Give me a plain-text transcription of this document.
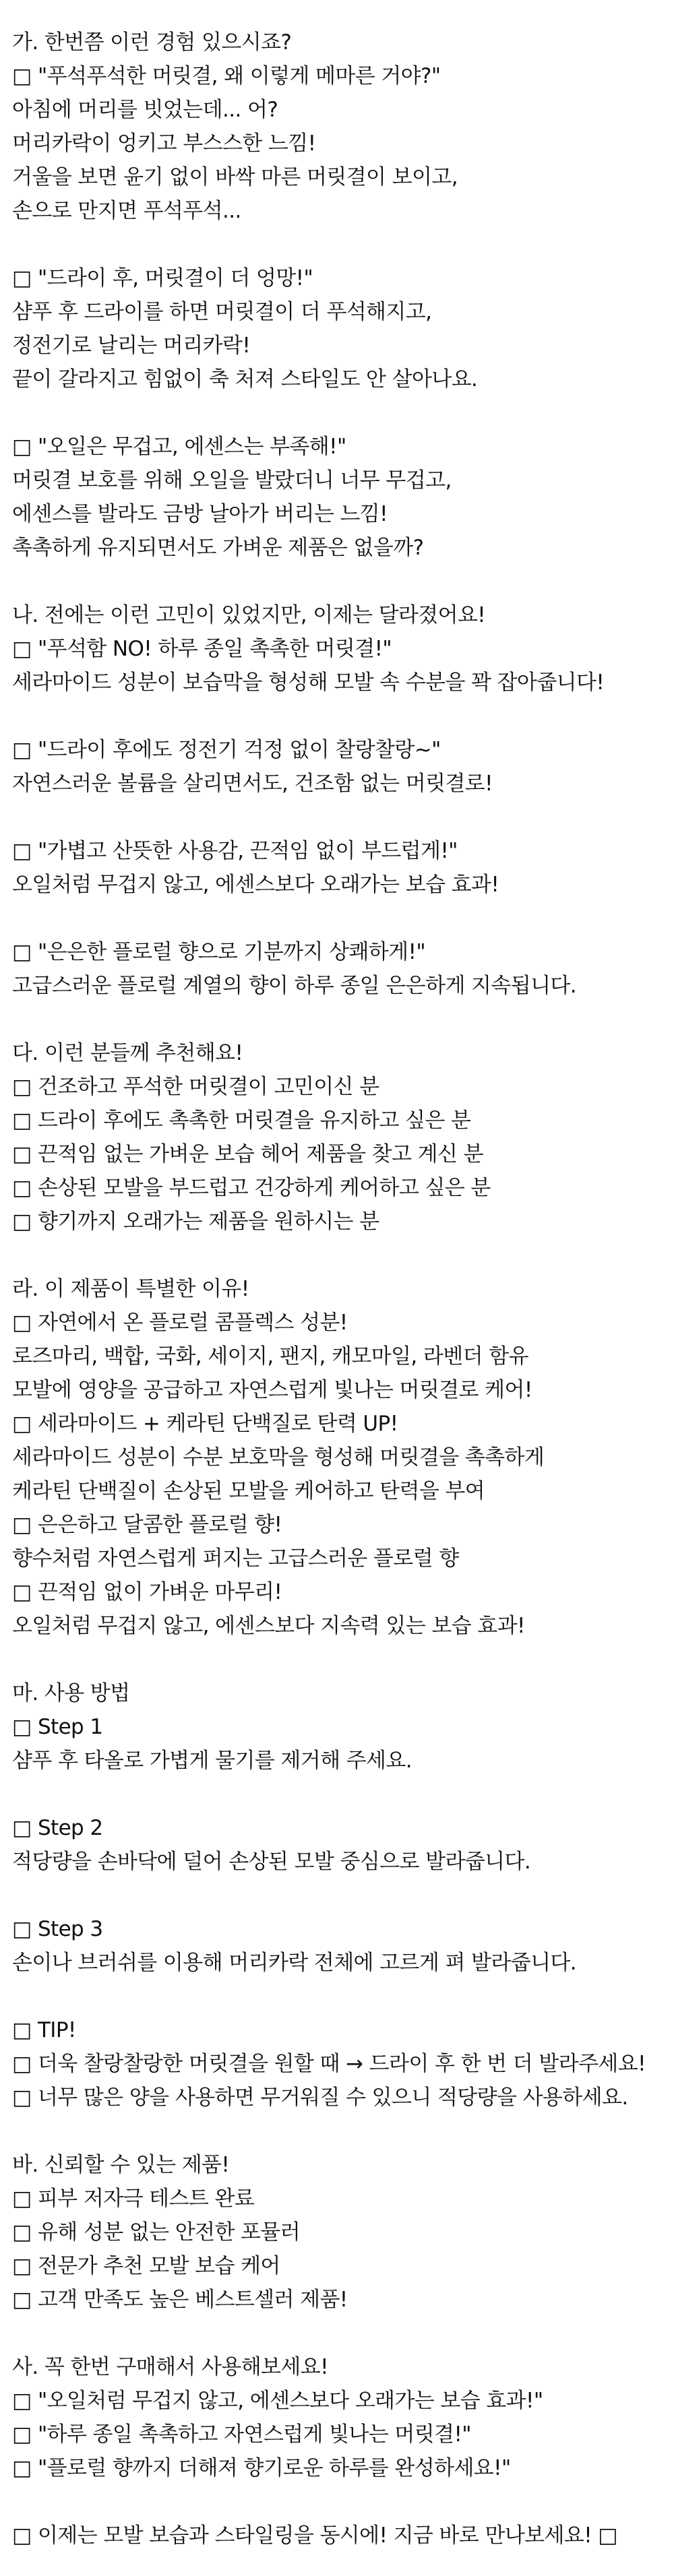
가. 한번쯤 이런 경험 있으시죠?
□ "푸석푸석한 머릿결, 왜 이렇게 메마른 거야?"
아침에 머리를 빗었는데... 어?
머리카락이 엉키고 부스스한 느낌!
거울을 보면 윤기 없이 바싹 마른 머릿결이 보이고,
손으로 만지면 푸석푸석...
□ "드라이 후, 머릿결이 더 엉망!"
샴푸 후 드라이를 하면 머릿결이 더 푸석해지고,
정전기로 날리는 머리카락!
끝이 갈라지고 힘없이 축 처져 스타일도 안 살아나요.
□ "오일은 무겁고, 에센스는 부족해!"
머릿결 보호를 위해 오일을 발랐더니 너무 무겁고,
에센스를 발라도 금방 날아가 버리는 느낌!
촉촉하게 유지되면서도 가벼운 제품은 없을까?
나. 전에는 이런 고민이 있었지만, 이제는 달라졌어요!
□ "푸석함 NO! 하루 종일 촉촉한 머릿결!"
세라마이드 성분이 보습막을 형성해 모발 속 수분을 꽉 잡아줍니다!
□ "드라이 후에도 정전기 걱정 없이 찰랑찰랑~"
자연스러운 볼륨을 살리면서도, 건조함 없는 머릿결로!
□ "가볍고 산뜻한 사용감, 끈적임 없이 부드럽게!"
오일처럼 무겁지 않고, 에센스보다 오래가는 보습 효과!
□ "은은한 플로럴 향으로 기분까지 상쾌하게!"
고급스러운 플로럴 계열의 향이 하루 종일 은은하게 지속됩니다.
다. 이런 분들께 추천해요!
□ 건조하고 푸석한 머릿결이 고민이신 분
□ 드라이 후에도 촉촉한 머릿결을 유지하고 싶은 분
□ 끈적임 없는 가벼운 보습 헤어 제품을 찾고 계신 분
□ 손상된 모발을 부드럽고 건강하게 케어하고 싶은 분
□ 향기까지 오래가는 제품을 원하시는 분
라. 이 제품이 특별한 이유!
□ 자연에서 온 플로럴 콤플렉스 성분!
로즈마리, 백합, 국화, 세이지, 팬지, 캐모마일, 라벤더 함유
모발에 영양을 공급하고 자연스럽게 빛나는 머릿결로 케어!
□ 세라마이드 + 케라틴 단백질로 탄력 UP!
세라마이드 성분이 수분 보호막을 형성해 머릿결을 촉촉하게
케라틴 단백질이 손상된 모발을 케어하고 탄력을 부여
□ 은은하고 달콤한 플로럴 향!
향수처럼 자연스럽게 퍼지는 고급스러운 플로럴 향
□ 끈적임 없이 가벼운 마무리!
오일처럼 무겁지 않고, 에센스보다 지속력 있는 보습 효과!
마. 사용 방법
□ Step 1
샴푸 후 타올로 가볍게 물기를 제거해 주세요.
□ Step 2
적당량을 손바닥에 덜어 손상된 모발 중심으로 발라줍니다.
□ Step 3
손이나 브러쉬를 이용해 머리카락 전체에 고르게 펴 발라줍니다.
□ TIP!
□ 더욱 찰랑찰랑한 머릿결을 원할 때 → 드라이 후 한 번 더 발라주세요!
□ 너무 많은 양을 사용하면 무거워질 수 있으니 적당량을 사용하세요.
바. 신뢰할 수 있는 제품!
□ 피부 저자극 테스트 완료
□ 유해 성분 없는 안전한 포뮬러
□ 전문가 추천 모발 보습 케어
□ 고객 만족도 높은 베스트셀러 제품!
사. 꼭 한번 구매해서 사용해보세요!
□ "오일처럼 무겁지 않고, 에센스보다 오래가는 보습 효과!"
□ "하루 종일 촉촉하고 자연스럽게 빛나는 머릿결!"
□ "플로럴 향까지 더해져 향기로운 하루를 완성하세요!"
□ 이제는 모발 보습과 스타일링을 동시에! 지금 바로 만나보세요! □
